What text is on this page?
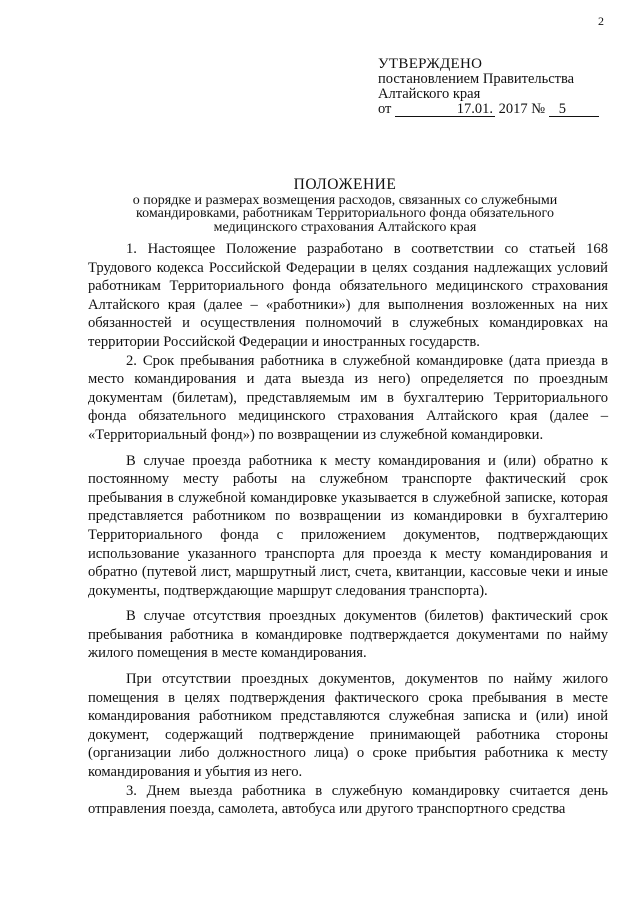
2
УТВЕРЖДЕНО
постановлением Правительства
Алтайского края
от	17.01. 2017 № 5
ПОЛОЖЕНИЕ
о порядке и размерах возмещения расходов, связанных со служебными
командировками, работникам Территориального фонда обязательного
медицинского страхования Алтайского края

1. Настоящее Положение разработано в соответствии со статьей 168 Трудового кодекса Российской Федерации в целях создания надлежащих условий работникам Территориального фонда обязательного медицинского страхования Алтайского края (далее – «работники») для выполнения возложенных на них обязанностей и осуществления полномочий в служебных командировках на территории Российской Федерации и иностранных государств.

2. Срок пребывания работника в служебной командировке (дата приезда в место командирования и дата выезда из него) определяется по проездным документам (билетам), представляемым им в бухгалтерию Территориального фонда обязательного медицинского страхования Алтайского края (далее – «Территориальный фонд») по возвращении из служебной командировки.

В случае проезда работника к месту командирования и (или) обратно к постоянному месту работы на служебном транспорте фактический срок пребывания в служебной командировке указывается в служебной записке, которая представляется работником по возвращении из командировки в бухгалтерию Территориального фонда с приложением документов, подтверждающих использование указанного транспорта для проезда к месту командирования и обратно (путевой лист, маршрутный лист, счета, квитанции, кассовые чеки и иные документы, подтверждающие маршрут следования транспорта).

В случае отсутствия проездных документов (билетов) фактический срок пребывания работника в командировке подтверждается документами по найму жилого помещения в месте командирования.

При отсутствии проездных документов, документов по найму жилого помещения в целях подтверждения фактического срока пребывания в месте командирования работником представляются служебная записка и (или) иной документ, содержащий подтверждение принимающей работника стороны (организации либо должностного лица) о сроке прибытия работника к месту командирования и убытия из него.

3. Днем выезда работника в служебную командировку считается день отправления поезда, самолета, автобуса или другого транспортного средства
